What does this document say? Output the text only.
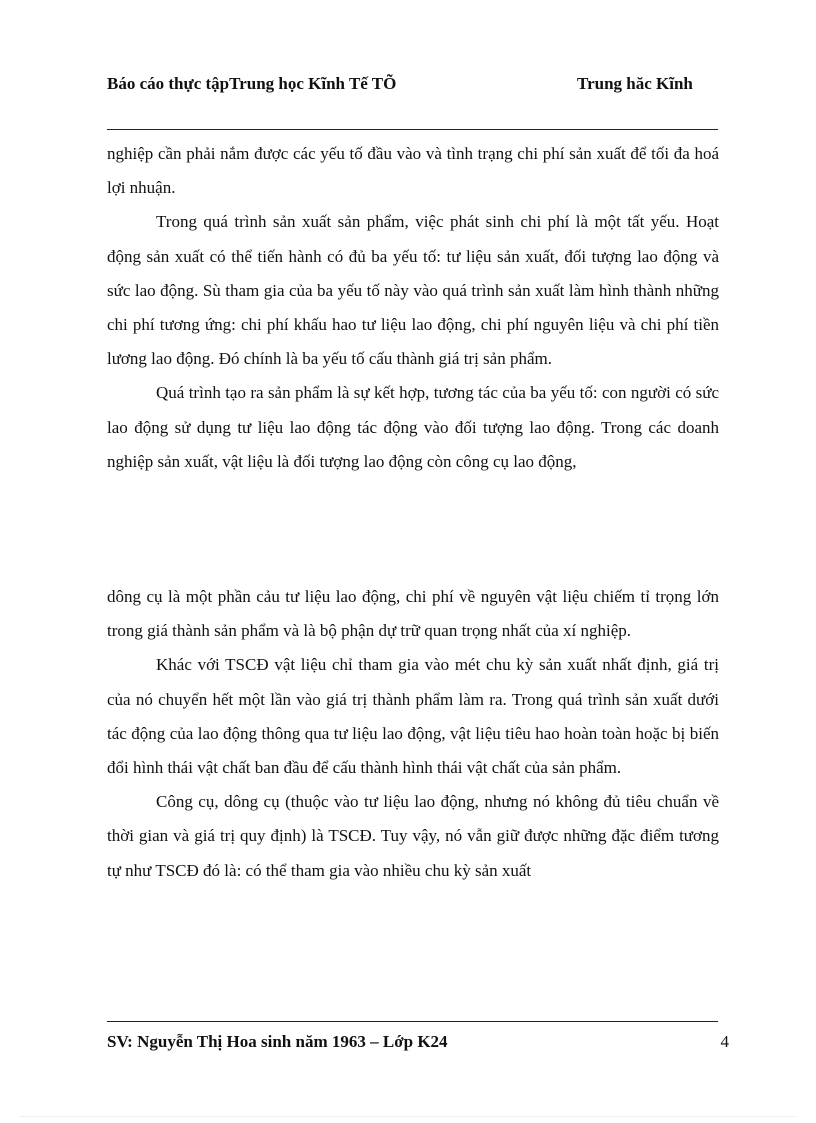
Báo cáo thực tậpTrung học Kĩnh Tế TÕ	Trung hăc Kĩnh

nghiệp cần phải nắm được các yếu tố đầu vào và tình trạng chi phí sản xuất để tối đa hoá lợi nhuận.

Trong quá trình sản xuất sản phẩm, việc phát sinh chi phí là một tất yếu. Hoạt động sản xuất có thể tiến hành có đủ ba yếu tố: tư liệu sản xuất, đối tượng lao động và sức lao động. Sù tham gia của ba yếu tố này vào quá trình sản xuất làm hình thành những chi phí tương ứng: chi phí khấu hao tư liệu lao động, chi phí nguyên liệu và chi phí tiền lương lao động. Đó chính là ba yếu tố cấu thành giá trị sản phẩm.

Quá trình tạo ra sản phẩm là sự kết hợp, tương tác của ba yếu tố: con người có sức lao động sử dụng tư liệu lao động tác động vào đối tượng lao động. Trong các doanh nghiệp sản xuất, vật liệu là đối tượng lao động còn công cụ lao động,

dông cụ là một phần cảu tư liệu lao động, chi phí về nguyên vật liệu chiếm tỉ trọng lớn trong giá thành sản phẩm và là bộ phận dự trữ quan trọng nhất của xí nghiệp.

Khác với TSCĐ vật liệu chỉ tham gia vào mét chu kỳ sản xuất nhất định, giá trị của nó chuyển hết một lần vào giá trị thành phẩm làm ra. Trong quá trình sản xuất dưới tác động của lao động thông qua tư liệu lao động, vật liệu tiêu hao hoàn toàn hoặc bị biến đổi hình thái vật chất ban đầu để cấu thành hình thái vật chất của sản phẩm.

Công cụ, dông cụ (thuộc vào tư liệu lao động, nhưng nó không đủ tiêu chuẩn về thời gian và giá trị quy định) là TSCĐ. Tuy vậy, nó vẫn giữ được những đặc điểm tương tự như TSCĐ đó là: có thể tham gia vào nhiều chu kỳ sản xuất

SV: Nguyễn Thị Hoa sinh năm 1963 – Lớp K24	4
